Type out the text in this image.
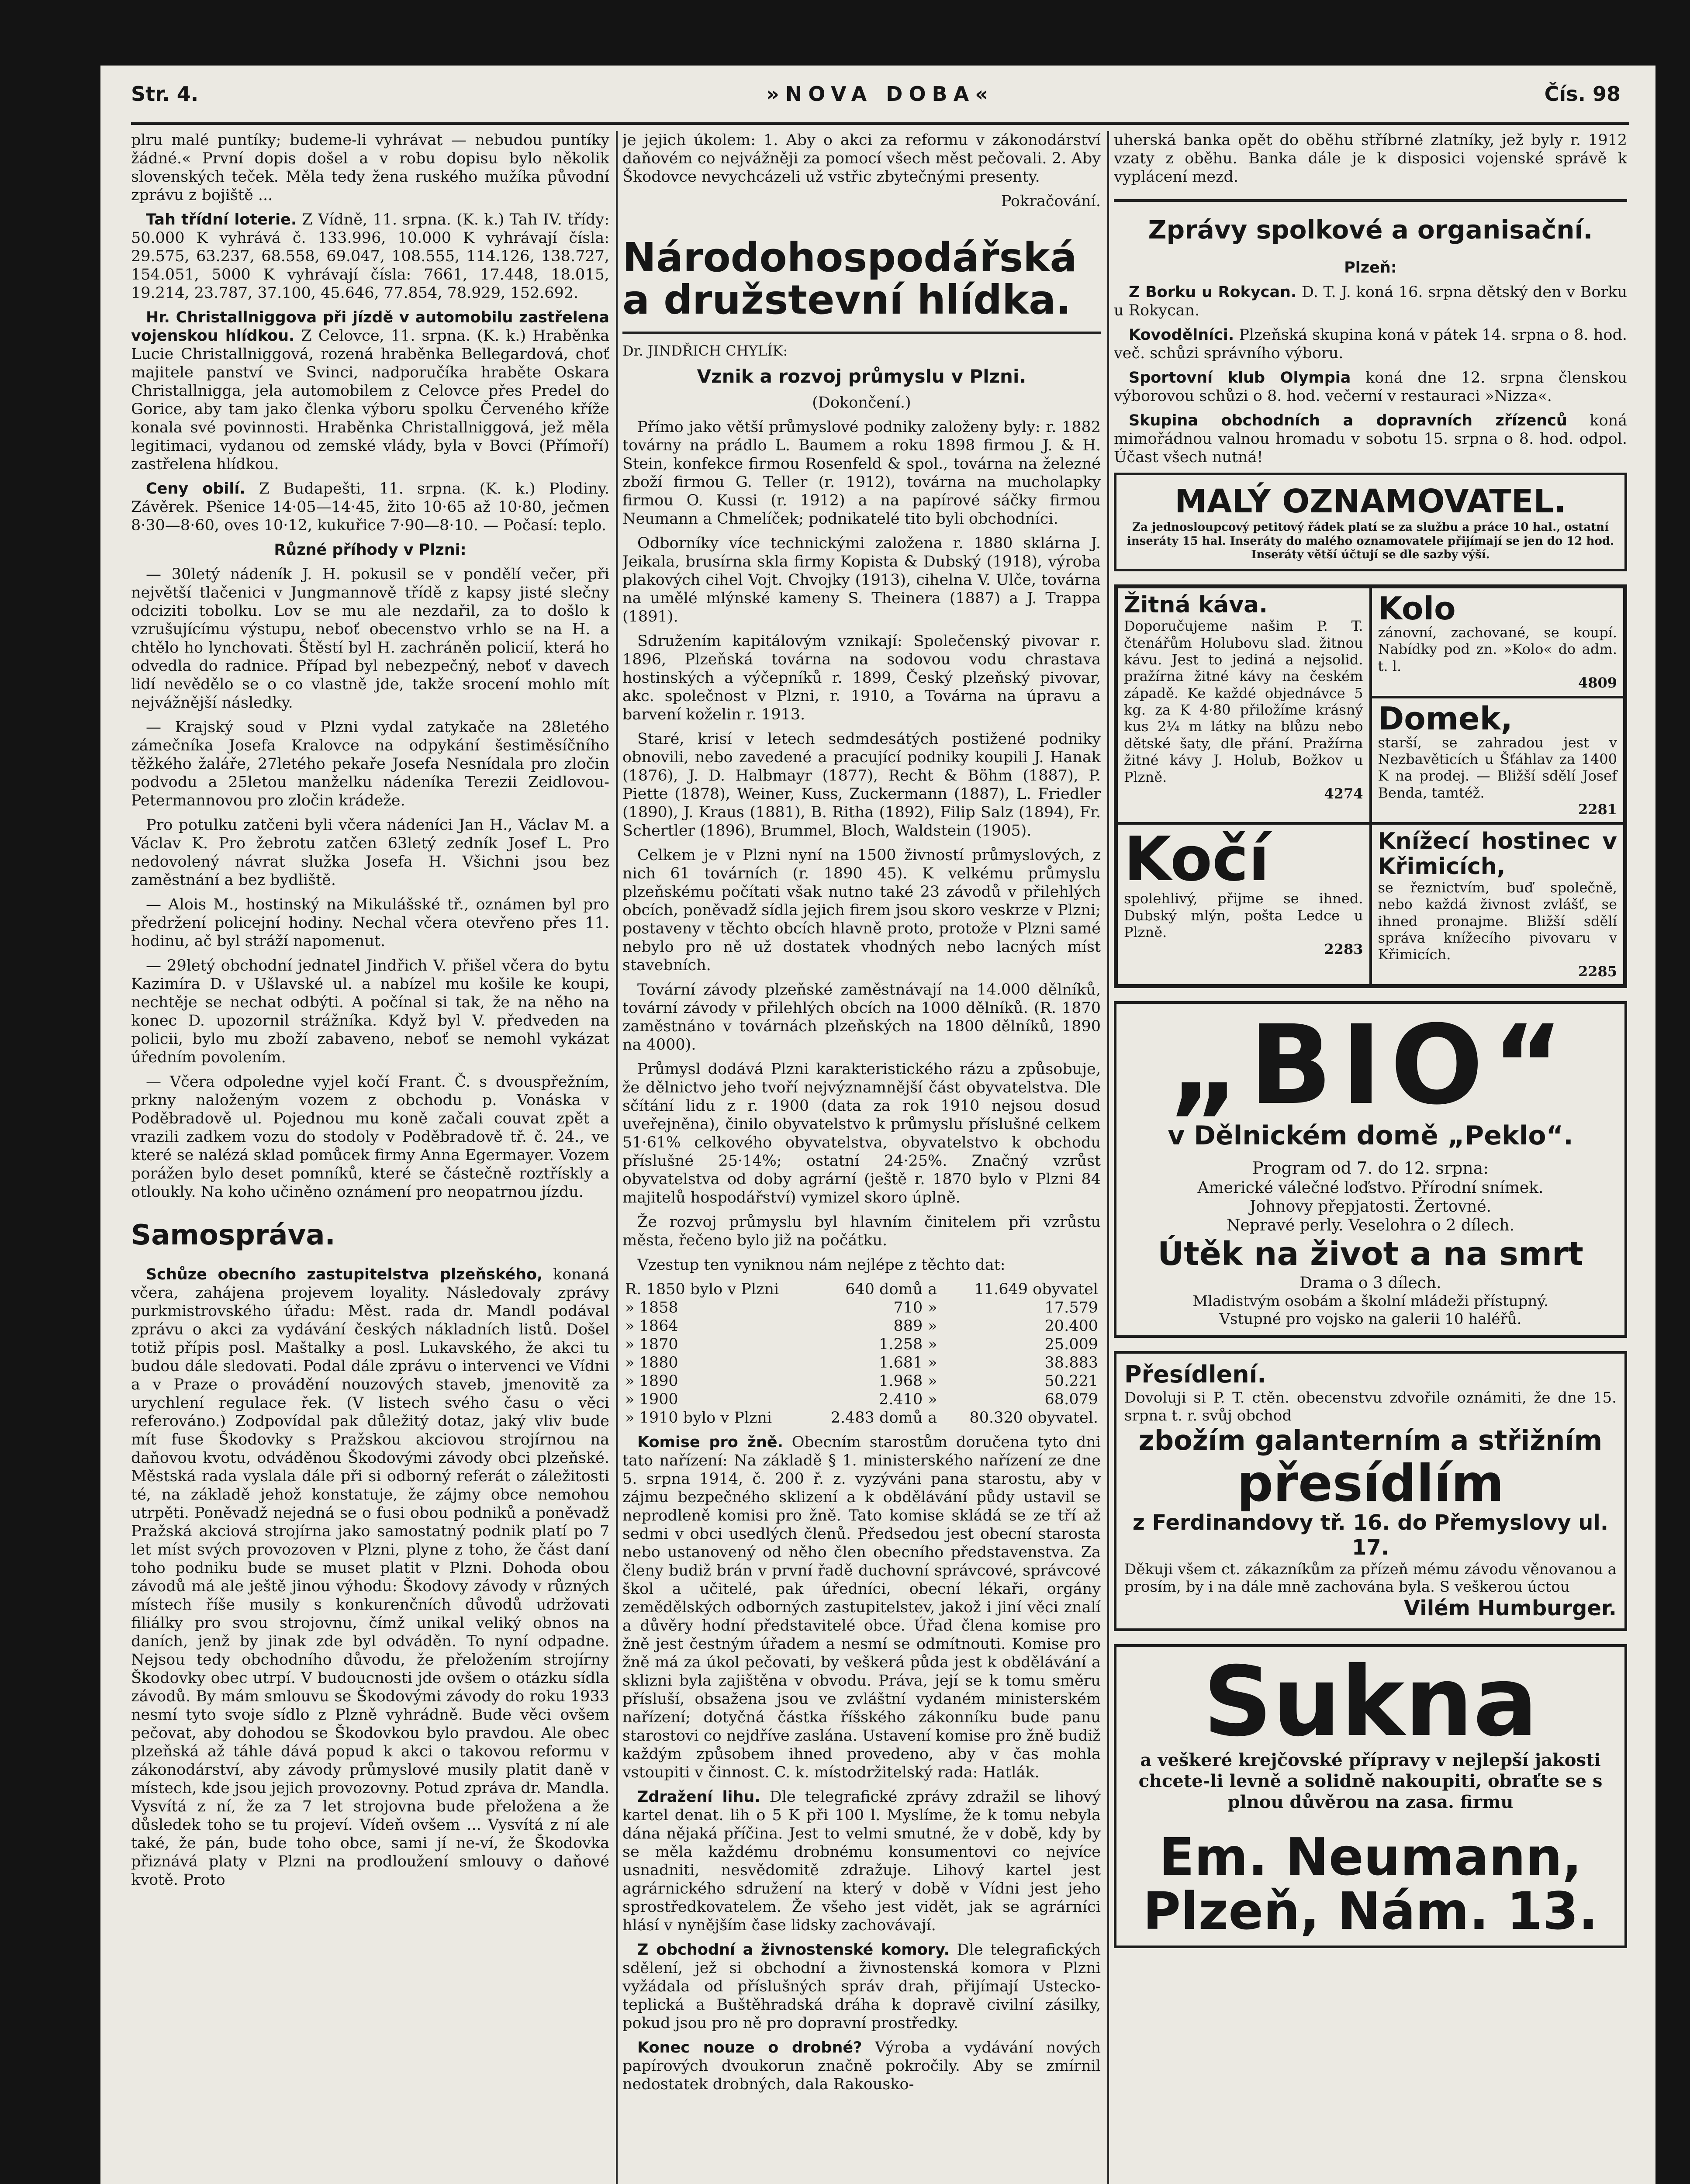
Str. 4.	»NOVA DOBA«	Čís. 98

plru malé puntíky; budeme-li vyhrávat — nebudou puntíky žádné.« První dopis došel a v robu dopisu bylo několik slovenských teček. Měla tedy žena ruského mužíka původní zprávu z bojiště ...

Tah třídní loterie. Z Vídně, 11. srpna. (K. k.) Tah IV. třídy: 50.000 K vyhrává č. 133.996, 10.000 K vyhrávají čísla: 29.575, 63.237, 68.558, 69.047, 108.555, 114.126, 138.727, 154.051, 5000 K vyhrávají čísla: 7661, 17.448, 18.015, 19.214, 23.787, 37.100, 45.646, 77.854, 78.929, 152.692.

Hr. Christallniggova při jízdě v automobilu zastřelena vojenskou hlídkou. Z Celovce, 11. srpna. (K. k.) Hraběnka Lucie Christallniggová, rozená hraběnka Bellegardová, choť majitele panství ve Svinci, nadporučíka hraběte Oskara Christallnigga, jela automobilem z Celovce přes Predel do Gorice, aby tam jako členka výboru spolku Červeného kříže konala své povinnosti. Hraběnka Christallniggová, jež měla legitimaci, vydanou od zemské vlády, byla v Bovci (Přímoří) zastřelena hlídkou.

Ceny obilí. Z Budapešti, 11. srpna. (K. k.) Plodiny. Závěrek. Pšenice 14·05—14·45, žito 10·65 až 10·80, ječmen 8·30—8·60, oves 10·12, kukuřice 7·90—8·10. — Počasí: teplo.

Různé příhody v Plzni:

— 30letý nádeník J. H. pokusil se v pondělí večer, při největší tlačenici v Jungmannově třídě z kapsy jisté slečny odciziti tobolku. Lov se mu ale nezdařil, za to došlo k vzrušujícímu výstupu, neboť obecenstvo vrhlo se na H. a chtělo ho lynchovati. Štěstí byl H. zachráněn policií, která ho odvedla do radnice. Případ byl nebezpečný, neboť v davech lidí nevědělo se o co vlastně jde, takže srocení mohlo mít nejvážnější následky.

— Krajský soud v Plzni vydal zatykače na 28letého zámečníka Josefa Kralovce na odpykání šestiměsíčního těžkého žaláře, 27letého pekaře Josefa Nesnídala pro zločin podvodu a 25letou manželku nádeníka Terezii Zeidlovou-Petermannovou pro zločin krádeže.

Pro potulku zatčeni byli včera nádeníci Jan H., Václav M. a Václav K. Pro žebrotu zatčen 63letý zedník Josef L. Pro nedovolený návrat služka Josefa H. Všichni jsou bez zaměstnání a bez bydliště.

— Alois M., hostinský na Mikulášské tř., oznámen byl pro předržení policejní hodiny. Nechal včera otevřeno přes 11. hodinu, ač byl stráží napomenut.

— 29letý obchodní jednatel Jindřich V. přišel včera do bytu Kazimíra D. v Ušlavské ul. a nabízel mu košile ke koupi, nechtěje se nechat odbýti. A počínal si tak, že na něho na konec D. upozornil strážníka. Když byl V. předveden na policii, bylo mu zboží zabaveno, neboť se nemohl vykázat úředním povolením.

— Včera odpoledne vyjel kočí Frant. Č. s dvouspřežním, prkny naloženým vozem z obchodu p. Vonáska v Poděbradově ul. Pojednou mu koně začali couvat zpět a vrazili zadkem vozu do stodoly v Poděbradově tř. č. 24., ve které se nalézá sklad pomůcek firmy Anna Egermayer. Vozem porážen bylo deset pomníků, které se částečně roztřískly a otloukly. Na koho učiněno oznámení pro neopatrnou jízdu.

Samospráva.

Schůze obecního zastupitelstva plzeňského, konaná včera, zahájena projevem loyality. Následovaly zprávy purkmistrovského úřadu: Měst. rada dr. Mandl podával zprávu o akci za vydávání českých nákladních listů. Došel totiž přípis posl. Maštalky a posl. Lukavského, že akci tu budou dále sledovati. Podal dále zprávu o intervenci ve Vídni a v Praze o provádění nouzových staveb, jmenovitě za urychlení regulace řek. (V listech svého času o věci referováno.) Zodpovídal pak důležitý dotaz, jaký vliv bude mít fuse Škodovky s Pražskou akciovou strojírnou na daňovou kvotu, odváděnou Škodovými závody obci plzeňské. Městská rada vyslala dále při si odborný referát o záležitosti té, na základě jehož konstatuje, že zájmy obce nemohou utrpěti. Poněvadž nejedná se o fusi obou podniků a poněvadž Pražská akciová strojírna jako samostatný podnik platí po 7 let míst svých provozoven v Plzni, plyne z toho, že část daní toho podniku bude se muset platit v Plzni. Dohoda obou závodů má ale ještě jinou výhodu: Škodovy závody v různých místech říše musily s konkurenčních důvodů udržovati filiálky pro svou strojovnu, čímž unikal veliký obnos na daních, jenž by jinak zde byl odváděn. To nyní odpadne. Nejsou tedy obchodního důvodu, že přeložením strojírny Škodovky obec utrpí. V budoucnosti jde ovšem o otázku sídla závodů. By mám smlouvu se Škodovými závody do roku 1933 nesmí tyto svoje sídlo z Plzně vyhrádně. Bude věci ovšem pečovat, aby dohodou se Škodovkou bylo pravdou. Ale obec plzeňská až táhle dává popud k akci o takovou reformu v zákonodárství, aby závody průmyslové musily platit daně v místech, kde jsou jejich provozovny. Potud zpráva dr. Mandla. Vysvítá z ní, že za 7 let strojovna bude přeložena a že důsledek toho se tu projeví. Vídeň ovšem ... Vysvítá z ní ale také, že pán, bude toho obce, sami jí ne-ví, že Škodovka přiznává platy v Plzni na prodloužení smlouvy o daňové kvotě. Proto

je jejich úkolem: 1. Aby o akci za reformu v zákonodárství daňovém co nejvážněji za pomocí všech měst pečovali. 2. Aby Škodovce nevychcázeli už vstřic zbytečnými presenty.

Pokračování.

Národohospodářská a družstevní hlídka.

Dr. JINDŘICH CHYLÍK:

Vznik a rozvoj průmyslu v Plzni.

(Dokončení.)

Přímo jako větší průmyslové podniky založeny byly: r. 1882 továrny na prádlo L. Baumem a roku 1898 firmou J. & H. Stein, konfekce firmou Rosenfeld & spol., továrna na železné zboží firmou G. Teller (r. 1912), továrna na mucholapky firmou O. Kussi (r. 1912) a na papírové sáčky firmou Neumann a Chmelíček; podnikatelé tito byli obchodníci.

Odborníky více technickými založena r. 1880 sklárna J. Jeikala, brusírna skla firmy Kopista & Dubský (1918), výroba plakových cihel Vojt. Chvojky (1913), cihelna V. Ulče, továrna na umělé mlýnské kameny S. Theinera (1887) a J. Trappa (1891).

Sdružením kapitálovým vznikají: Společenský pivovar r. 1896, Plzeňská továrna na sodovou vodu chrastava hostinských a výčepníků r. 1899, Český plzeňský pivovar, akc. společnost v Plzni, r. 1910, a Továrna na úpravu a barvení koželin r. 1913.

Staré, krisí v letech sedmdesátých postižené podniky obnovili, nebo zavedené a pracující podniky koupili J. Hanak (1876), J. D. Halbmayr (1877), Recht & Böhm (1887), P. Piette (1878), Weiner, Kuss, Zuckermann (1887), L. Friedler (1890), J. Kraus (1881), B. Ritha (1892), Filip Salz (1894), Fr. Schertler (1896), Brummel, Bloch, Waldstein (1905).

Celkem je v Plzni nyní na 1500 živností průmyslových, z nich 61 továrních (r. 1890 45). K velkému průmyslu plzeňskému počítati však nutno také 23 závodů v přilehlých obcích, poněvadž sídla jejich firem jsou skoro veskrze v Plzni; postaveny v těchto obcích hlavně proto, protože v Plzni samé nebylo pro ně už dostatek vhodných nebo lacných míst stavebních.

Tovární závody plzeňské zaměstnávají na 14.000 dělníků, tovární závody v přilehlých obcích na 1000 dělníků. (R. 1870 zaměstnáno v továrnách plzeňských na 1800 dělníků, 1890 na 4000).

Průmysl dodává Plzni karakteristického rázu a způsobuje, že dělnictvo jeho tvoří nejvýznamnější část obyvatelstva. Dle sčítání lidu z r. 1900 (data za rok 1910 nejsou dosud uveřejněna), činilo obyvatelstvo k průmyslu příslušné celkem 51·61% celkového obyvatelstva, obyvatelstvo k obchodu příslušné 25·14%; ostatní 24·25%. Značný vzrůst obyvatelstva od doby agrární (ještě r. 1870 bylo v Plzni 84 majitelů hospodářství) vymizel skoro úplně.

Že rozvoj průmyslu byl hlavním činitelem při vzrůstu města, řečeno bylo již na počátku.

Vzestup ten vyniknou nám nejlépe z těchto dat:

R. 1850 bylo v Plzni	640 domů	a	11.649 obyvatel
» 1858	710	»	17.579
» 1864	889	»	20.400
» 1870	1.258	»	25.009
» 1880	1.681	»	38.883
» 1890	1.968	»	50.221
» 1900	2.410	»	68.079
» 1910 bylo v Plzni	2.483 domů	a	80.320 obyvatel.

Komise pro žně. Obecním starostům doručena tyto dni tato nařízení: Na základě § 1. ministerského nařízení ze dne 5. srpna 1914, č. 200 ř. z. vyzýváni pana starostu, aby v zájmu bezpečného sklizení a k obdělávání půdy ustavil se neprodleně komisi pro žně. Tato komise skládá se ze tří až sedmi v obci usedlých členů. Předsedou jest obecní starosta nebo ustanovený od něho člen obecního představenstva. Za členy budiž brán v první řadě duchovní správcové, správcové škol a učitelé, pak úředníci, obecní lékaři, orgány zemědělských odborných zastupitelstev, jakož i jiní věci znalí a důvěry hodní představitelé obce. Úřad člena komise pro žně jest čestným úřadem a nesmí se odmítnouti. Komise pro žně má za úkol pečovati, by veškerá půda jest k obdělávání a sklizni byla zajištěna v obvodu. Práva, její se k tomu směru přísluší, obsažena jsou ve zvláštní vydaném ministerském nařízení; dotyčná částka říšského zákonníku bude panu starostovi co nejdříve zaslána. Ustavení komise pro žně budiž každým způsobem ihned provedeno, aby v čas mohla vstoupiti v činnost. C. k. místodržitelský rada: Hatlák.

Zdražení lihu. Dle telegrafické zprávy zdražil se lihový kartel denat. lih o 5 K při 100 l. Myslíme, že k tomu nebyla dána nějaká příčina. Jest to velmi smutné, že v době, kdy by se měla každému drobnému konsumentovi co nejvíce usnadniti, nesvědomitě zdražuje. Lihový kartel jest agrárnického sdružení na který v době v Vídni jest jeho sprostředkovatelem. Že všeho jest vidět, jak se agrárníci hlásí v nynějším čase lidsky zachovávají.

Z obchodní a živnostenské komory. Dle telegrafických sdělení, jež si obchodní a živnostenská komora v Plzni vyžádala od příslušných správ drah, přijímají Ustecko-teplická a Buštěhradská dráha k dopravě civilní zásilky, pokud jsou pro ně pro dopravní prostředky.

Konec nouze o drobné? Výroba a vydávání nových papírových dvoukorun značně pokročily. Aby se zmírnil nedostatek drobných, dala Rakousko-

uherská banka opět do oběhu stříbrné zlatníky, jež byly r. 1912 vzaty z oběhu. Banka dále je k disposici vojenské správě k vyplácení mezd.

Zprávy spolkové a organisační.

Plzeň:

Z Borku u Rokycan. D. T. J. koná 16. srpna dětský den v Borku u Rokycan.

Kovodělníci. Plzeňská skupina koná v pátek 14. srpna o 8. hod. več. schůzi správního výboru.

Sportovní klub Olympia koná dne 12. srpna členskou výborovou schůzi o 8. hod. večerní v restauraci »Nizza«.

Skupina obchodních a dopravních zřízenců koná mimořádnou valnou hromadu v sobotu 15. srpna o 8. hod. odpol. Účast všech nutná!

MALÝ OZNAMOVATEL.
Za jednosloupcový petitový řádek platí se za službu a práce 10 hal., ostatní inseráty 15 hal. Inseráty do malého oznamovatele přijímají se jen do 12 hod. Inseráty větší účtují se dle sazby výší.
Žitná káva.
Doporučujeme našim P. T. čtenářům Holubovu slad. žitnou kávu. Jest to jediná a nejsolid. pražírna žitné kávy na českém západě. Ke každé objednávce 5 kg. za K 4·80 přiložíme krásný kus 2¼ m látky na blůzu nebo dětské šaty, dle přání. Pražírna žitné kávy J. Holub, Božkov u Plzně.
4274
Kolo
zánovní, zachované, se koupí. Nabídky pod zn. »Kolo« do adm. t. l.
4809
Domek,
starší, se zahradou jest v Nezbavěticích u Šťáhlav za 1400 K na prodej. — Bližší sdělí Josef Benda, tamtéž.
2281
Kočí
spolehlivý, přijme se ihned. Dubský mlýn, pošta Ledce u Plzně.
2283
Knížecí hostinec v Křimicích,
se řeznictvím, buď společně, nebo každá živnost zvlášť, se ihned pronajme. Bližší sdělí správa knížecího pivovaru v Křimicích.
2285
„BIO“
v Dělnickém domě „Peklo“.
Program od 7. do 12. srpna:
Americké válečné loďstvo. Přírodní snímek.
Johnovy přepjatosti. Žertovné.
Nepravé perly. Veselohra o 2 dílech.
Útěk na život a na smrt
Drama o 3 dílech.
Mladistvým osobám a školní mládeži přístupný.
Vstupné pro vojsko na galerii 10 haléřů.
Přesídlení.
Dovoluji si P. T. ctěn. obecenstvu zdvořile oznámiti, že dne 15. srpna t. r. svůj obchod
zbožím galanterním a střižním
přesídlím
z Ferdinandovy tř. 16. do Přemyslovy ul. 17.
Děkuji všem ct. zákazníkům za přízeň mému závodu věnovanou a prosím, by i na dále mně zachována byla. S veškerou úctou
Vilém Humburger.
Sukna
a veškeré krejčovské přípravy v nejlepší jakosti chcete-li levně a solidně nakoupiti, obraťte se s plnou důvěrou na zasa. firmu
Em. Neumann, Plzeň, Nám. 13.
